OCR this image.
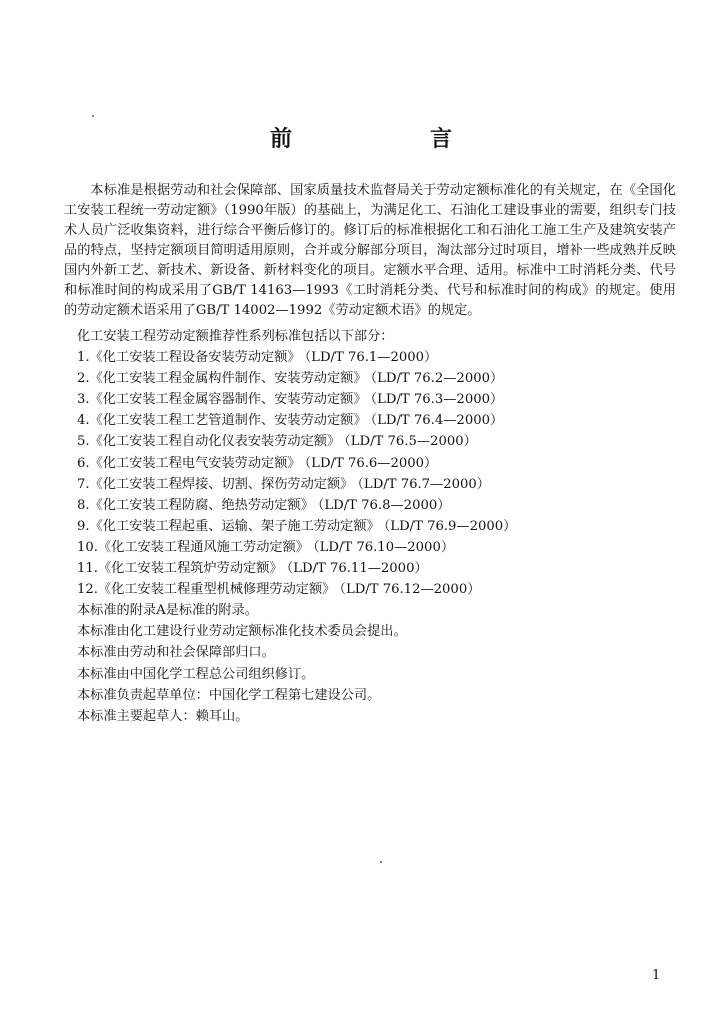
前　言

本标准是根据劳动和社会保障部、国家质量技术监督局关于劳动定额标准化的有关规定，在《全国化工安装工程统一劳动定额》（1990年版）的基础上，为满足化工、石油化工建设事业的需要，组织专门技术人员广泛收集资料，进行综合平衡后修订的。修订后的标准根据化工和石油化工施工生产及建筑安装产品的特点，坚持定额项目简明适用原则，合并或分解部分项目，淘汰部分过时项目，增补一些成熟并反映国内外新工艺、新技术、新设备、新材料变化的项目。定额水平合理、适用。标准中工时消耗分类、代号和标准时间的构成采用了GB/T 14163—1993《工时消耗分类、代号和标准时间的构成》的规定。使用的劳动定额术语采用了GB/T 14002—1992《劳动定额术语》的规定。

化工安装工程劳动定额推荐性系列标准包括以下部分：
1.《化工安装工程设备安装劳动定额》 （LD/T 76.1—2000）
2.《化工安装工程金属构件制作、安装劳动定额》 （LD/T 76.2—2000）
3.《化工安装工程金属容器制作、安装劳动定额》 （LD/T 76.3—2000）
4.《化工安装工程工艺管道制作、安装劳动定额》 （LD/T 76.4—2000）
5.《化工安装工程自动化仪表安装劳动定额》 （LD/T 76.5—2000）
6.《化工安装工程电气安装劳动定额》 （LD/T 76.6—2000）
7.《化工安装工程焊接、切割、探伤劳动定额》 （LD/T 76.7—2000）
8.《化工安装工程防腐、绝热劳动定额》 （LD/T 76.8—2000）
9.《化工安装工程起重、运输、架子施工劳动定额》 （LD/T 76.9—2000）
10.《化工安装工程通风施工劳动定额》 （LD/T 76.10—2000）
11.《化工安装工程筑炉劳动定额》 （LD/T 76.11—2000）
12.《化工安装工程重型机械修理劳动定额》 （LD/T 76.12—2000）
本标准的附录A是标准的附录。
本标准由化工建设行业劳动定额标准化技术委员会提出。
本标准由劳动和社会保障部归口。
本标准由中国化学工程总公司组织修订。
本标准负责起草单位：中国化学工程第七建设公司。
本标准主要起草人：赖耳山。
1
